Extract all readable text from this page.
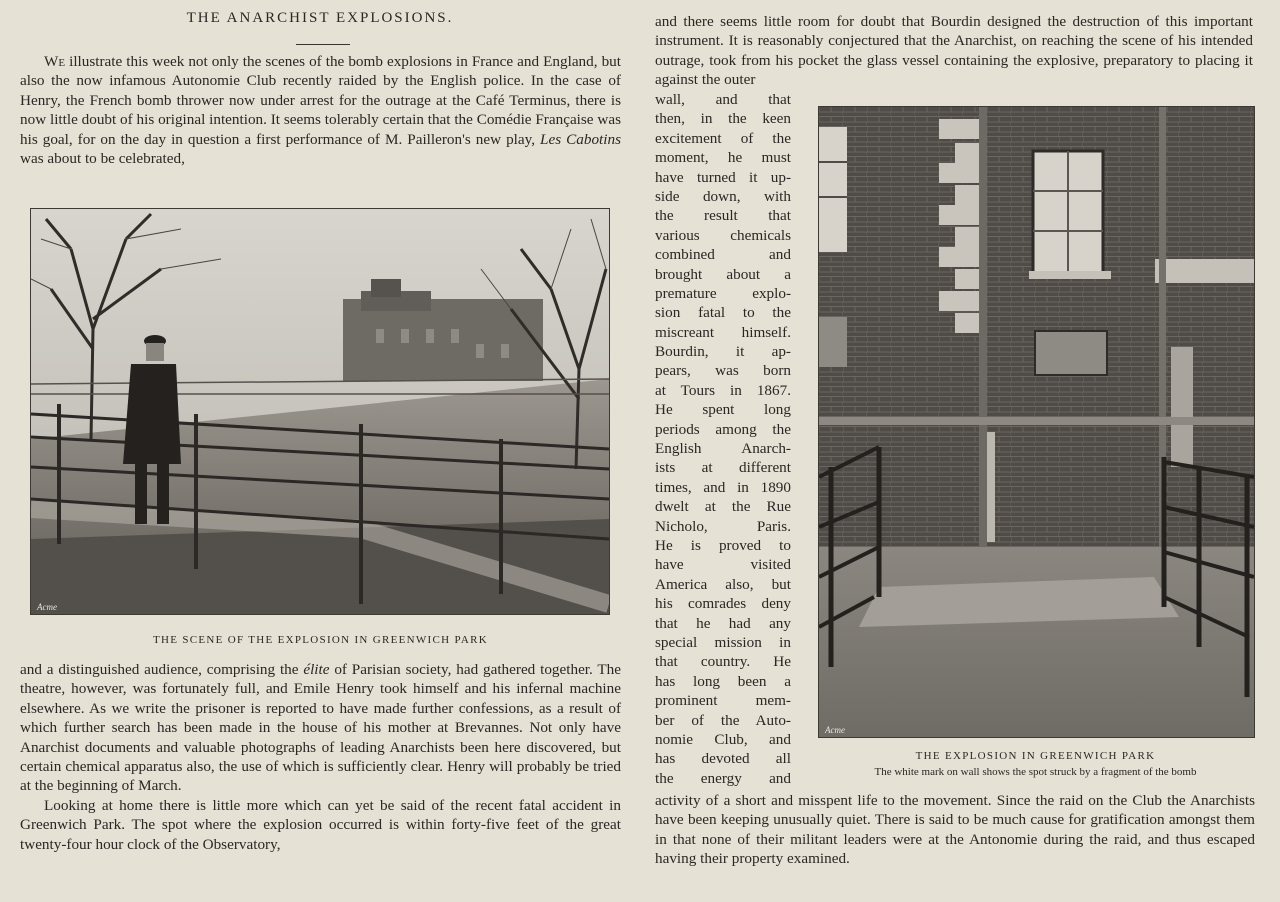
THE ANARCHIST EXPLOSIONS.

We illustrate this week not only the scenes of the bomb explosions in France and England, but also the now infamous Autonomie Club recently raided by the English police. In the case of Henry, the French bomb thrower now under arrest for the outrage at the Café Terminus, there is now little doubt of his original intention. It seems tolerably certain that the Comédie Française was his goal, for on the day in question a first performance of M. Pailleron's new play, Les Cabotins was about to be celebrated,

Acme
THE SCENE OF THE EXPLOSION IN GREENWICH PARK

and a distinguished audience, comprising the élite of Parisian society, had gathered together. The theatre, however, was fortunately full, and Emile Henry took himself and his infernal machine elsewhere. As we write the prisoner is reported to have made further confessions, as a result of which further search has been made in the house of his mother at Brevannes. Not only have Anarchist documents and valuable photographs of leading Anarchists been here discovered, but certain chemical apparatus also, the use of which is sufficiently clear. Henry will probably be tried at the beginning of March.

Looking at home there is little more which can yet be said of the recent fatal accident in Greenwich Park. The spot where the explosion occurred is within forty-five feet of the great twenty-four hour clock of the Observatory,

and there seems little room for doubt that Bourdin designed the destruction of this important instrument. It is reasonably conjectured that the Anarchist, on reaching the scene of his intended outrage, took from his pocket the glass vessel containing the explosive, preparatory to placing it against the outer

wall, and that

then, in the keen

excitement of the

moment, he must

have turned it up-

side down, with

the result that

various chemicals

combined and

brought about a

premature explo-

sion fatal to the

miscreant himself.

Bourdin, it ap-

pears, was born

at Tours in 1867.

He spent long

periods among the

English Anarch-

ists at different

times, and in 1890

dwelt at the Rue

Nicholo, Paris.

He is proved to

have visited

America also, but

his comrades deny

that he had any

special mission in

that country. He

has long been a

prominent mem-

ber of the Auto-

nomie Club, and

has devoted all

the energy and

Acme
THE EXPLOSION IN GREENWICH PARK
The white mark on wall shows the spot struck by a fragment of the bomb

activity of a short and misspent life to the movement. Since the raid on the Club the Anarchists have been keeping unusually quiet. There is said to be much cause for gratification amongst them in that none of their militant leaders were at the Antonomie during the raid, and thus escaped having their property examined.
